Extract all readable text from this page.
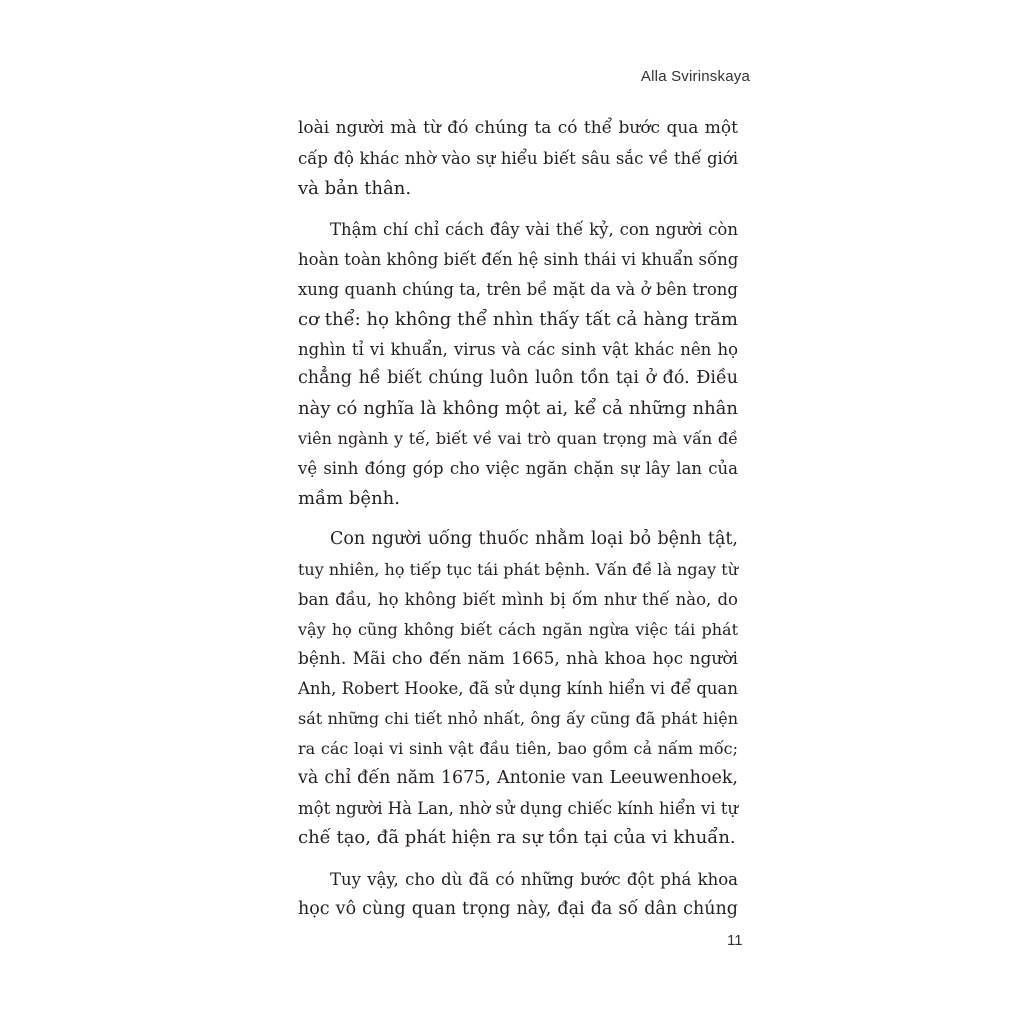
Alla Svirinskaya

loài người mà từ đó chúng ta có thể bước qua một
cấp độ khác nhờ vào sự hiểu biết sâu sắc về thế giới
và bản thân.

Thậm chí chỉ cách đây vài thế kỷ, con người còn
hoàn toàn không biết đến hệ sinh thái vi khuẩn sống
xung quanh chúng ta, trên bề mặt da và ở bên trong
cơ thể: họ không thể nhìn thấy tất cả hàng trăm
nghìn tỉ vi khuẩn, virus và các sinh vật khác nên họ
chẳng hề biết chúng luôn luôn tồn tại ở đó. Điều
này có nghĩa là không một ai, kể cả những nhân
viên ngành y tế, biết về vai trò quan trọng mà vấn đề
vệ sinh đóng góp cho việc ngăn chặn sự lây lan của
mầm bệnh.

Con người uống thuốc nhằm loại bỏ bệnh tật,
tuy nhiên, họ tiếp tục tái phát bệnh. Vấn đề là ngay từ
ban đầu, họ không biết mình bị ốm như thế nào, do
vậy họ cũng không biết cách ngăn ngừa việc tái phát
bệnh. Mãi cho đến năm 1665, nhà khoa học người
Anh, Robert Hooke, đã sử dụng kính hiển vi để quan
sát những chi tiết nhỏ nhất, ông ấy cũng đã phát hiện
ra các loại vi sinh vật đầu tiên, bao gồm cả nấm mốc;
và chỉ đến năm 1675, Antonie van Leeuwenhoek,
một người Hà Lan, nhờ sử dụng chiếc kính hiển vi tự
chế tạo, đã phát hiện ra sự tồn tại của vi khuẩn.

Tuy vậy, cho dù đã có những bước đột phá khoa
học vô cùng quan trọng này, đại đa số dân chúng

11
